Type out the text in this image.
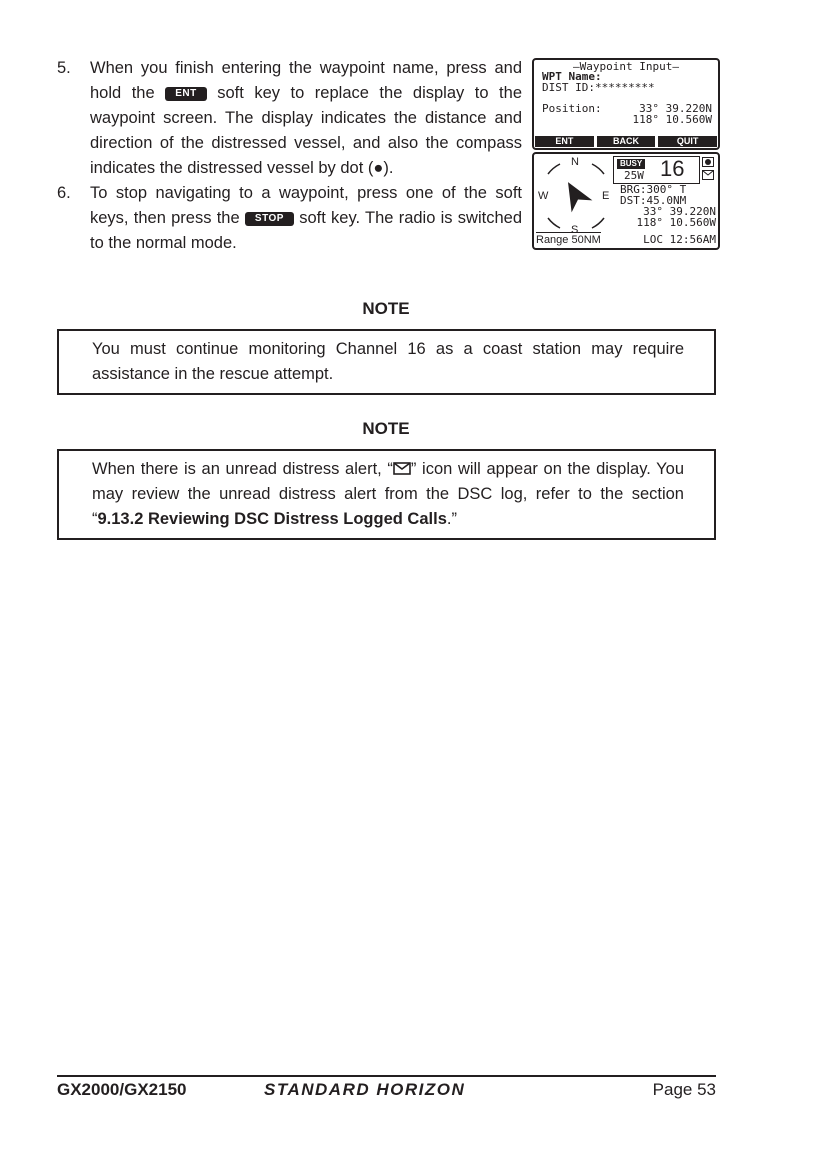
5. When you finish entering the waypoint name, press and hold the ENT soft key to replace the display to the waypoint screen. The display indicates the distance and direction of the distressed vessel, and also the compass indicates the distressed vessel by dot (●).

6. To stop navigating to a waypoint, press one of the soft keys, then press the STOP soft key. The radio is switched to the normal mode.

–Waypoint Input–
WPT Name:
DIST ID:*********
Position:	33° 39.220N
118° 10.560W
ENT	BACK	QUIT
N
E
S
W
BUSY
25W 16
BRG:300° T
DST:45.0NM
33° 39.220N
118° 10.560W
Range 50NM	LOC 12:56AM
NOTE
You must continue monitoring Channel 16 as a coast station may require assistance in the rescue attempt.
NOTE
When there is an unread distress alert, “ ” icon will appear on the display. You may review the unread distress alert from the DSC log, refer to the section “9.13.2 Reviewing DSC Distress Logged Calls.”
GX2000/GX2150	STANDARD HORIZON	Page 53
